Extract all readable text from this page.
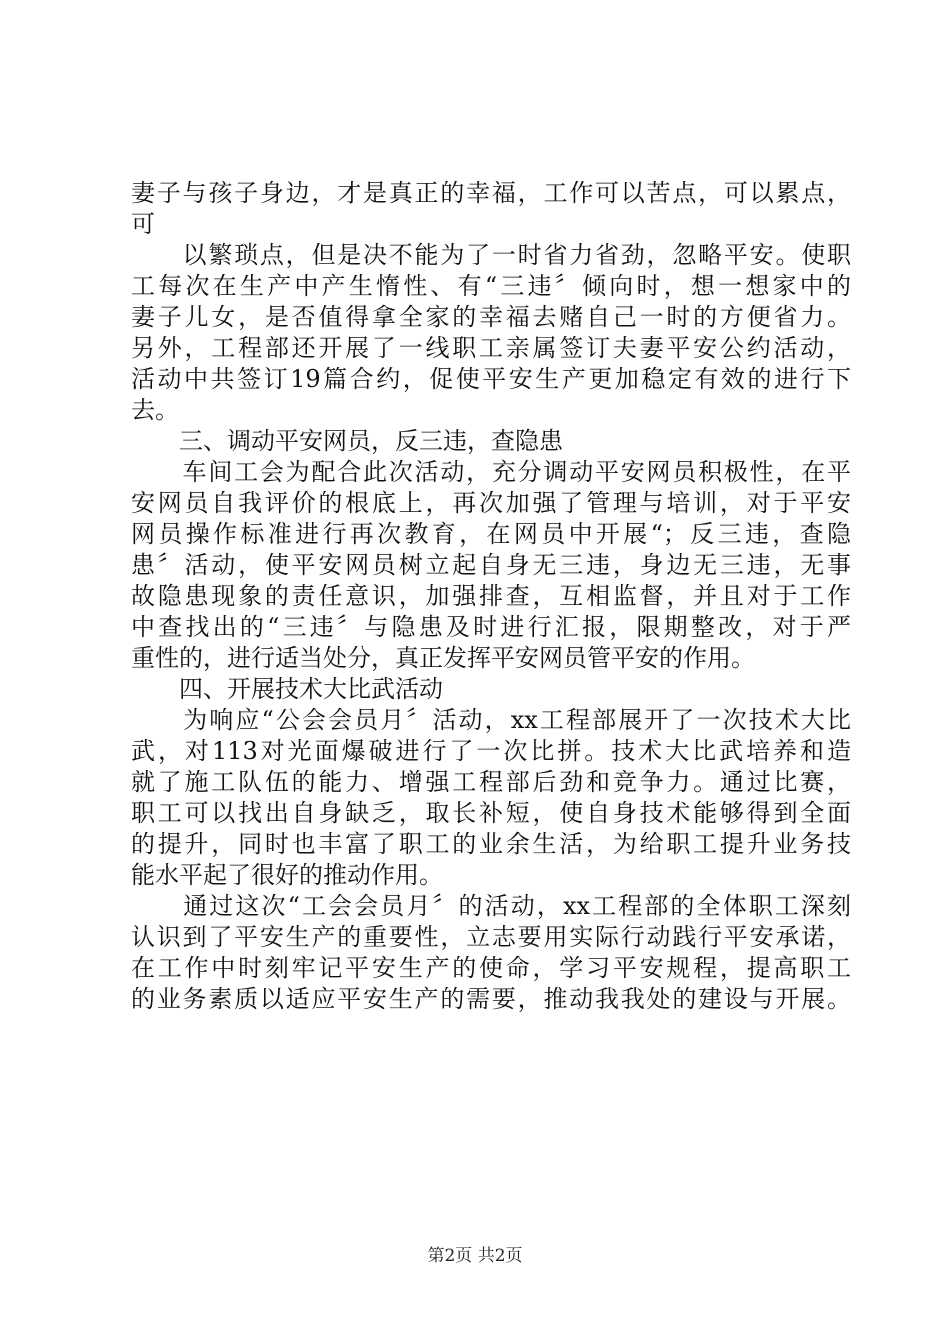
妻子与孩子身边，才是真正的幸福，工作可以苦点，可以累点，
可
　　以繁琐点，但是决不能为了一时省力省劲，忽略平安。使职
工每次在生产中产生惰性、有“三违〞倾向时，想一想家中的
妻子儿女，是否值得拿全家的幸福去赌自己一时的方便省力。
另外，工程部还开展了一线职工亲属签订夫妻平安公约活动，
活动中共签订19篇合约，促使平安生产更加稳定有效的进行下
去。
　　三、调动平安网员，反三违，查隐患
　　车间工会为配合此次活动，充分调动平安网员积极性，在平
安网员自我评价的根底上，再次加强了管理与培训，对于平安
网员操作标准进行再次教育，在网员中开展“；反三违，查隐
患〞活动，使平安网员树立起自身无三违，身边无三违，无事
故隐患现象的责任意识，加强排查，互相监督，并且对于工作
中查找出的“三违〞与隐患及时进行汇报，限期整改，对于严
重性的，进行适当处分，真正发挥平安网员管平安的作用。
　　四、开展技术大比武活动
　　为响应“公会会员月〞活动，xx工程部展开了一次技术大比
武，对113对光面爆破进行了一次比拼。技术大比武培养和造
就了施工队伍的能力、增强工程部后劲和竞争力。通过比赛，
职工可以找出自身缺乏，取长补短，使自身技术能够得到全面
的提升，同时也丰富了职工的业余生活，为给职工提升业务技
能水平起了很好的推动作用。
　　通过这次“工会会员月〞的活动，xx工程部的全体职工深刻
认识到了平安生产的重要性，立志要用实际行动践行平安承诺，
在工作中时刻牢记平安生产的使命，学习平安规程，提高职工
的业务素质以适应平安生产的需要，推动我我处的建设与开展。
第2页 共2页
